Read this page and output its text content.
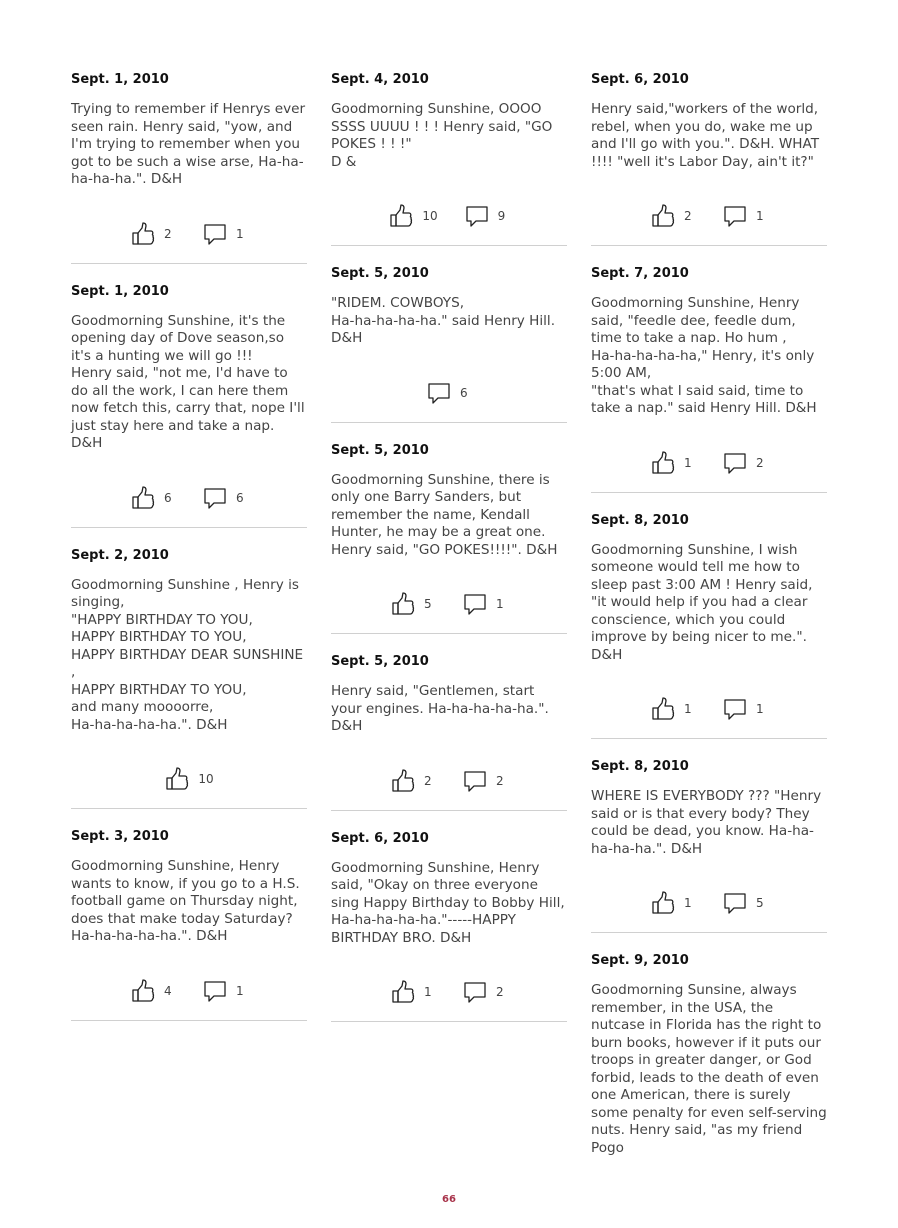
Sept. 1, 2010

Trying to remember if Henrys ever seen rain. Henry said, "yow, and I'm trying to remember when you got to be such a wise arse, Ha-ha-ha-ha-ha.". D&H

2	1
Sept. 1, 2010

Goodmorning Sunshine, it's the opening day of Dove season,so it's a hunting we will go !!!
Henry said, "not me, I'd have to do all the work, I can here them now fetch this, carry that, nope I'll just stay here and take a nap. D&H

6	6
Sept. 2, 2010

Goodmorning Sunshine , Henry is singing,
"HAPPY BIRTHDAY TO YOU,
HAPPY BIRTHDAY TO YOU,
HAPPY BIRTHDAY DEAR SUNSHINE
,
HAPPY BIRTHDAY TO YOU,
and many moooorre,
Ha-ha-ha-ha-ha.". D&H

10
Sept. 3, 2010

Goodmorning Sunshine, Henry wants to know, if you go to a H.S. football game on Thursday night, does that make today Saturday? Ha-ha-ha-ha-ha.". D&H

4	1
Sept. 4, 2010

Goodmorning Sunshine, OOOO SSSS UUUU ! ! ! Henry said, "GO POKES ! ! !"
D &

10	9
Sept. 5, 2010

"RIDEM. COWBOYS,
Ha-ha-ha-ha-ha." said Henry Hill. D&H

6
Sept. 5, 2010

Goodmorning Sunshine, there is only one Barry Sanders, but remember the name, Kendall Hunter, he may be a great one. Henry said, "GO POKES!!!!". D&H

5	1
Sept. 5, 2010

Henry said, "Gentlemen, start your engines. Ha-ha-ha-ha-ha.". D&H

2	2
Sept. 6, 2010

Goodmorning Sunshine, Henry said, "Okay on three everyone sing Happy Birthday to Bobby Hill, Ha-ha-ha-ha-ha."-----HAPPY BIRTHDAY BRO. D&H

1	2
Sept. 6, 2010

Henry said,"workers of the world, rebel, when you do, wake me up and I'll go with you.". D&H. WHAT !!!! "well it's Labor Day, ain't it?"

2	1
Sept. 7, 2010

Goodmorning Sunshine, Henry said, "feedle dee, feedle dum, time to take a nap. Ho hum ,
Ha-ha-ha-ha-ha," Henry, it's only 5:00 AM,
"that's what I said said, time to take a nap." said Henry Hill. D&H

1	2
Sept. 8, 2010

Goodmorning Sunshine, I wish someone would tell me how to sleep past 3:00 AM ! Henry said, "it would help if you had a clear conscience, which you could improve by being nicer to me.". D&H

1	1
Sept. 8, 2010

WHERE IS EVERYBODY ??? "Henry said or is that every body? They could be dead, you know. Ha-ha-ha-ha-ha.". D&H

1	5
Sept. 9, 2010

Goodmorning Sunsine, always remember, in the USA, the nutcase in Florida has the right to burn books, however if it puts our troops in greater danger, or God forbid, leads to the death of even one American, there is surely some penalty for even self-serving nuts. Henry said, "as my friend Pogo

66
